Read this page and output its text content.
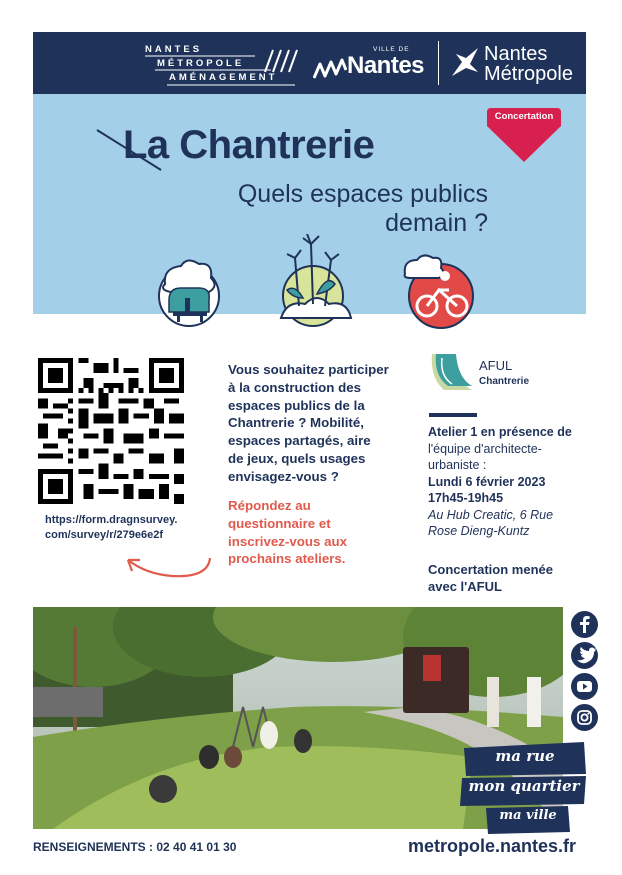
NANTES
MÉTROPOLE
AMÉNAGEMENT
VILLE DE
Nantes	Nantes
Métropole
Concertation
La Chantrerie
Quels espaces publics
demain ?
https://form.dragnsurvey.
com/survey/r/279e6e2f
Vous souhaitez participer
à la construction des
espaces publics de la
Chantrerie ? Mobilité,
espaces partagés, aire
de jeux, quels usages
envisagez-vous ?
Répondez au
questionnaire et
inscrivez-vous aux
prochains ateliers.
AFUL
Chantrerie
Atelier 1 en présence de
l'équipe d'architecte-
urbaniste :
Lundi 6 février 2023
17h45-19h45
Au Hub Creatic, 6 Rue
Rose Dieng-Kuntz
Concertation menée
avec l'AFUL
ma rue
mon quartier
ma ville
RENSEIGNEMENTS : 02 40 41 01 30	metropole.nantes.fr
